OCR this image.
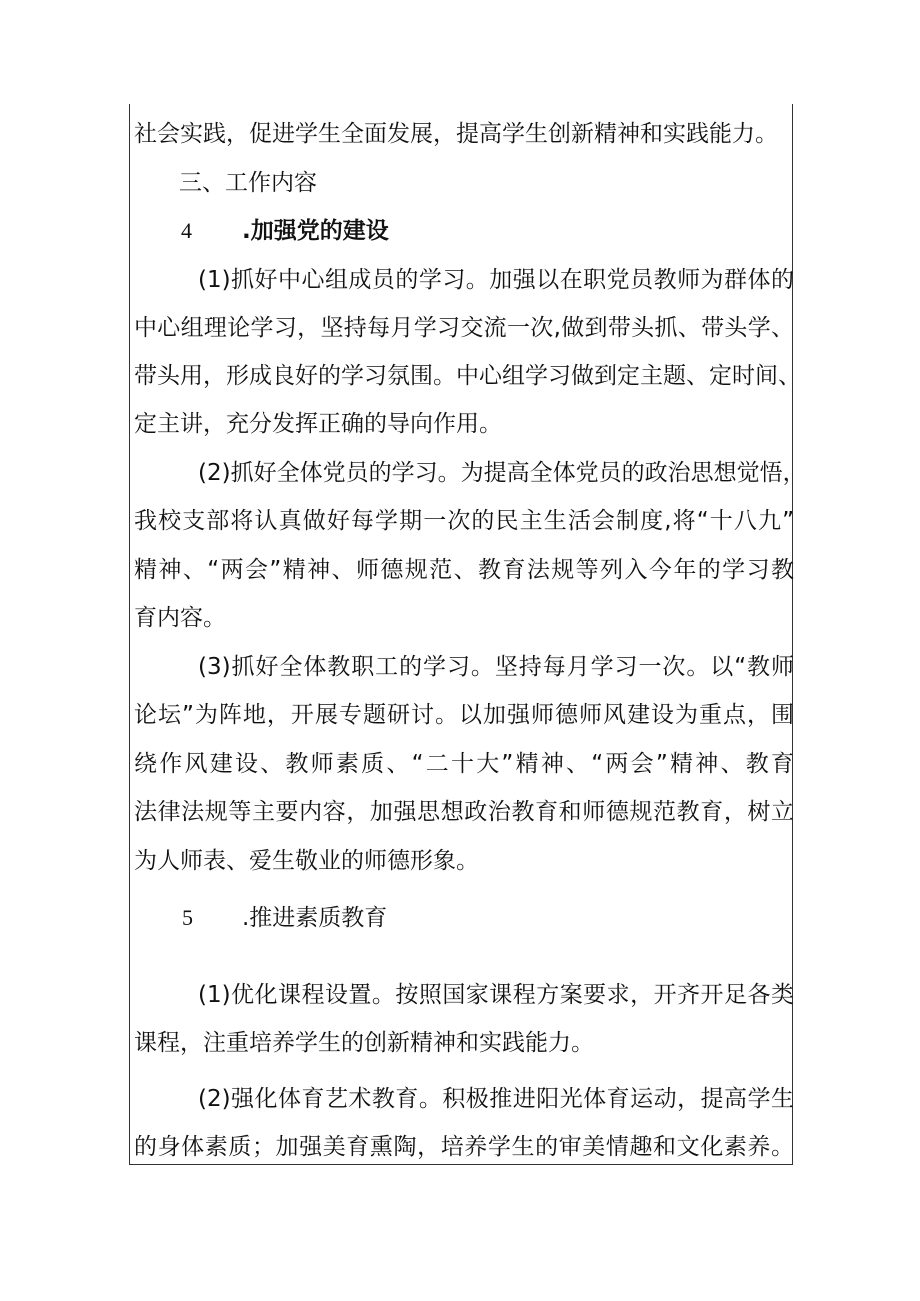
社会实践，促进学生全面发展，提高学生创新精神和实践能力。
三、工作内容
4 .加强党的建设
(1)抓好中心组成员的学习。加强以在职党员教师为群体的
中心组理论学习，坚持每月学习交流一次,做到带头抓、带头学、
带头用，形成良好的学习氛围。中心组学习做到定主题、定时间、
定主讲，充分发挥正确的导向作用。
(2)抓好全体党员的学习。为提高全体党员的政治思想觉悟，
我校支部将认真做好每学期一次的民主生活会制度,将“十八九”
精神、“两会”精神、师德规范、教育法规等列入今年的学习教
育内容。
(3)抓好全体教职工的学习。坚持每月学习一次。以“教师
论坛”为阵地，开展专题研讨。以加强师德师风建设为重点，围
绕作风建设、教师素质、“二十大”精神、“两会”精神、教育
法律法规等主要内容，加强思想政治教育和师德规范教育，树立
为人师表、爱生敬业的师德形象。
5 .推进素质教育
(1)优化课程设置。按照国家课程方案要求，开齐开足各类
课程，注重培养学生的创新精神和实践能力。
(2)强化体育艺术教育。积极推进阳光体育运动，提高学生
的身体素质；加强美育熏陶，培养学生的审美情趣和文化素养。
